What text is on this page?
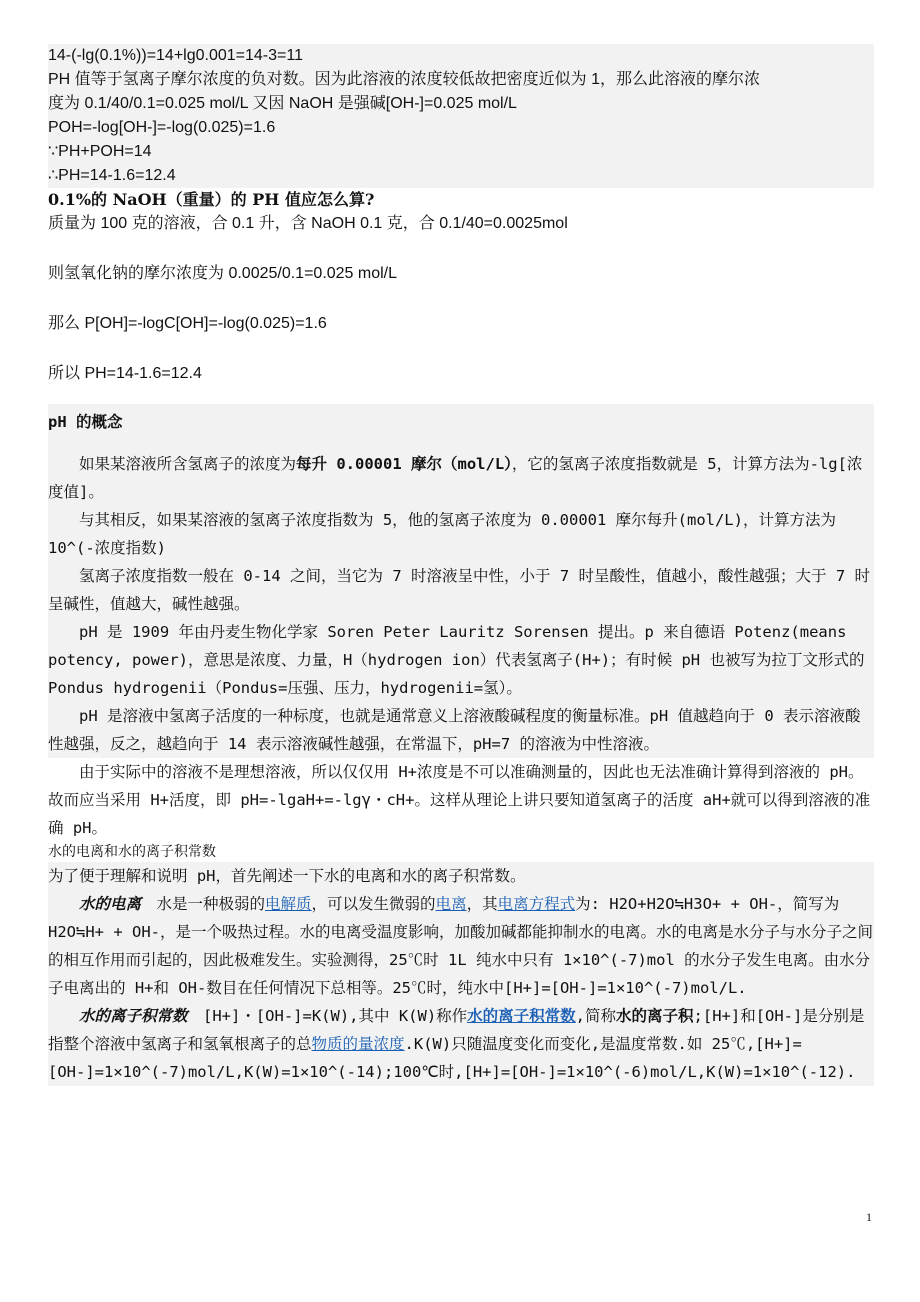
14-(-lg(0.1%))=14+lg0.001=14-3=11
PH 值等于氢离子摩尔浓度的负对数。因为此溶液的浓度较低故把密度近似为 1，那么此溶液的摩尔浓
度为 0.1/40/0.1=0.025 mol/L 又因 NaOH 是强碱[OH-]=0.025 mol/L
POH=-log[OH-]=-log(0.025)=1.6
∵PH+POH=14
∴PH=14-1.6=12.4
0.1%的 NaOH（重量）的 PH 值应怎么算?
质量为 100 克的溶液，合 0.1 升，含 NaOH 0.1 克，合 0.1/40=0.0025mol
则氢氧化钠的摩尔浓度为 0.0025/0.1=0.025 mol/L
那么 P[OH]=-logC[OH]=-log(0.025)=1.6
所以 PH=14-1.6=12.4
pH 的概念

如果某溶液所含氢离子的浓度为每升 0.00001 摩尔（mol/L），它的氢离子浓度指数就是 5，计算方法为-lg[浓度值]。

与其相反，如果某溶液的氢离子浓度指数为 5，他的氢离子浓度为 0.00001 摩尔每升(mol/L)，计算方法为 10^(-浓度指数)

氢离子浓度指数一般在 0-14 之间，当它为 7 时溶液呈中性，小于 7 时呈酸性，值越小，酸性越强；大于 7 时呈碱性，值越大，碱性越强。

pH 是 1909 年由丹麦生物化学家 Soren Peter Lauritz Sorensen 提出。p 来自德语 Potenz(means potency, power)，意思是浓度、力量，H（hydrogen ion）代表氢离子(H+)；有时候 pH 也被写为拉丁文形式的 Pondus hydrogenii（Pondus=压强、压力，hydrogenii=氢）。

pH 是溶液中氢离子活度的一种标度，也就是通常意义上溶液酸碱程度的衡量标准。pH 值越趋向于 0 表示溶液酸性越强，反之，越趋向于 14 表示溶液碱性越强，在常温下，pH=7 的溶液为中性溶液。

由于实际中的溶液不是理想溶液，所以仅仅用 H+浓度是不可以准确测量的，因此也无法准确计算得到溶液的 pH。故而应当采用 H+活度，即 pH=-lgaH+=-lgγ・cH+。这样从理论上讲只要知道氢离子的活度 aH+就可以得到溶液的准确 pH。

水的电离和水的离子积常数

为了便于理解和说明 pH，首先阐述一下水的电离和水的离子积常数。

水的电离　水是一种极弱的电解质，可以发生微弱的电离，其电离方程式为: H2O+H2O≒H3O+ + OH-，简写为 H2O≒H+ + OH-，是一个吸热过程。水的电离受温度影响，加酸加碱都能抑制水的电离。水的电离是水分子与水分子之间的相互作用而引起的，因此极难发生。实验测得，25℃时 1L 纯水中只有 1×10^(-7)mol 的水分子发生电离。由水分子电离出的 H+和 OH-数目在任何情况下总相等。25℃时，纯水中[H+]=[OH-]=1×10^(-7)mol/L.

水的离子积常数　[H+]・[OH-]=K(W),其中 K(W)称作水的离子积常数,简称水的离子积;[H+]和[OH-]是分别是指整个溶液中氢离子和氢氧根离子的总物质的量浓度.K(W)只随温度变化而变化,是温度常数.如 25℃,[H+]=[OH-]=1×10^(-7)mol/L,K(W)=1×10^(-14);100℃时,[H+]=[OH-]=1×10^(-6)mol/L,K(W)=1×10^(-12).

1
